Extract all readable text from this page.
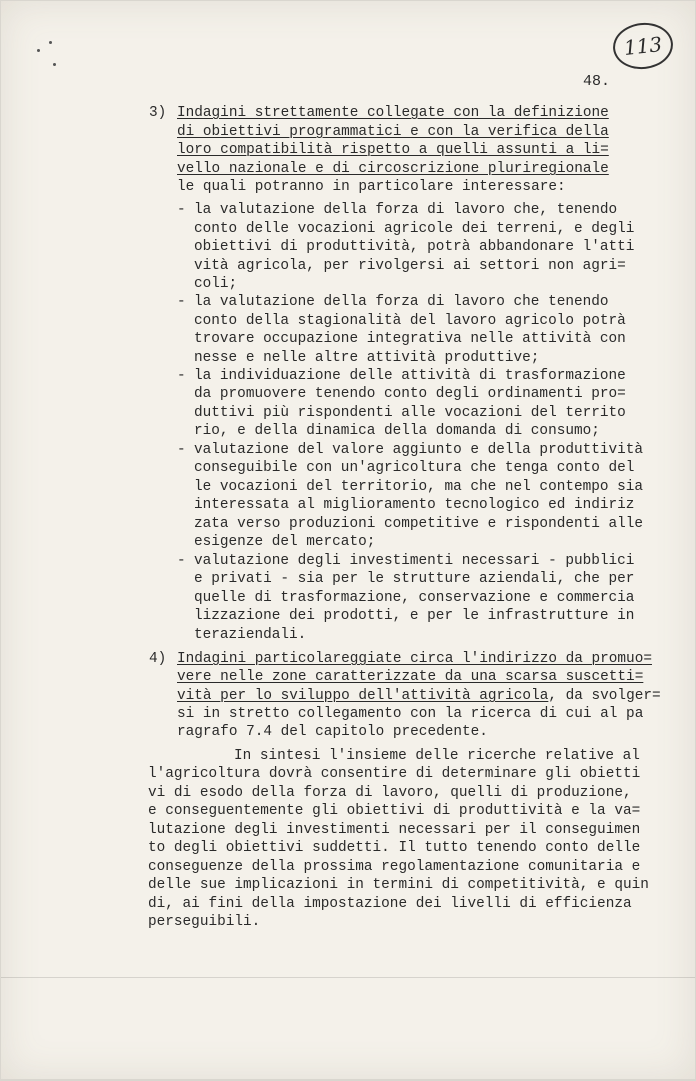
113
48.

3)

Indagini strettamente collegate con la definizione

di obiettivi programmatici e con la verifica della

loro compatibilità rispetto a quelli assunti a li=

vello nazionale e di circoscrizione pluriregionale

le quali potranno in particolare interessare:

-

la valutazione della forza di lavoro che, tenendo

conto delle vocazioni agricole dei terreni, e degli

obiettivi di produttività, potrà abbandonare l'atti

vità agricola, per rivolgersi ai settori non agri=

coli;

-

la valutazione della forza di lavoro che tenendo

conto della stagionalità del lavoro agricolo potrà

trovare occupazione integrativa nelle attività con

nesse e nelle altre attività produttive;

-

la individuazione delle attività di trasformazione

da promuovere tenendo conto degli ordinamenti pro=

duttivi più rispondenti alle vocazioni del territo

rio, e della dinamica della domanda di consumo;

-

valutazione del valore aggiunto e della produttività

conseguibile con un'agricoltura che tenga conto del

le vocazioni del territorio, ma che nel contempo sia

interessata al miglioramento tecnologico ed indiriz

zata verso produzioni competitive e rispondenti alle

esigenze del mercato;

-

valutazione degli investimenti necessari - pubblici

e privati - sia per le strutture aziendali, che per

quelle di trasformazione, conservazione e commercia

lizzazione dei prodotti, e per le infrastrutture in

teraziendali.

4)

Indagini particolareggiate circa l'indirizzo da promuo=

vere nelle zone caratterizzate da una scarsa suscetti=

vità per lo sviluppo dell'attività agricola, da svolger=

si in stretto collegamento con la ricerca di cui al pa

ragrafo 7.4 del capitolo precedente.

In sintesi l'insieme delle ricerche relative al

l'agricoltura dovrà consentire di determinare gli obietti

vi di esodo della forza di lavoro, quelli di produzione,

e conseguentemente gli obiettivi di produttività e la va=

lutazione degli investimenti necessari per il conseguimen

to degli obiettivi suddetti. Il tutto tenendo conto delle

conseguenze della prossima regolamentazione comunitaria e

delle sue implicazioni in termini di competitività, e quin

di, ai fini della impostazione dei livelli di efficienza

perseguibili.
